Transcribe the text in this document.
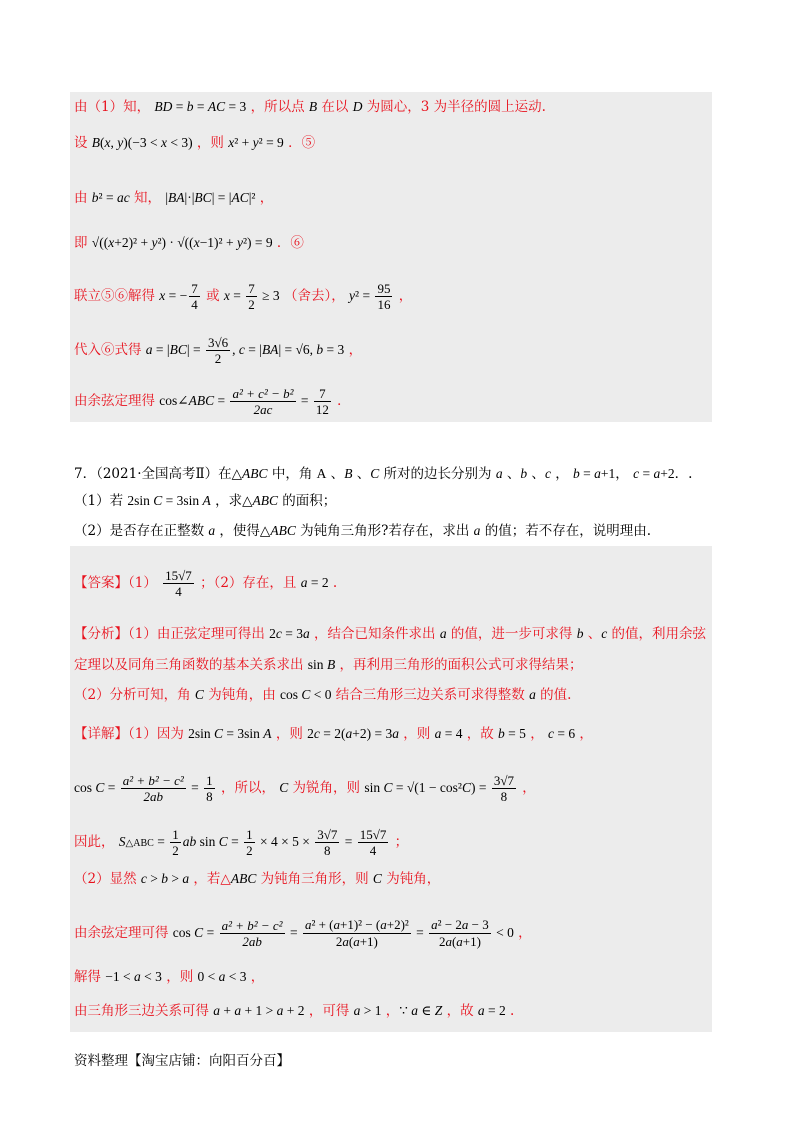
由（1）知， BD = b = AC = 3 ，所以点 B 在以 D 为圆心，3 为半径的圆上运动.
设 B(x, y)(−3 < x < 3) ，则 x² + y² = 9 ．⑤
由 b² = ac 知， |BA|·|BC| = |AC|² ，
即 √((x+2)² + y²) · √((x−1)² + y²) = 9 ．⑥
联立⑤⑥解得 x = − $\frac{7}{4}$ 或 $x = \frac{7}{2} \ge 3$ （舍去）， $y^2 = \frac{95}{16}$ ，
代入⑥式得 $a = |BC| = \frac{3√6}{2}$ , c = |BA| = √6, b = 3 ，
由余弦定理得 cos∠ABC = $\frac{\text{a² + c² − b²}}{2ac} = \frac{7}{12}$ ．
7．（2021·全国高考Ⅱ）在△ABC 中，角 A 、B 、C 所对的边长分别为 a 、b 、c ， b = a+1， c = a+2．.
（1）若 2sin C = 3sin A ，求△ABC 的面积；
（2）是否存在正整数 a ，使得△ABC 为钝角三角形?若存在，求出 a 的值；若不存在，说明理由.
【答案】$(1) \frac{15√7}{4}$ ；（2）存在，且 a = 2 .
【分析】（1）由正弦定理可得出 2c = 3a ，结合已知条件求出 a 的值，进一步可求得 b 、c 的值，利用余弦
定理以及同角三角函数的基本关系求出 sin B ，再利用三角形的面积公式可求得结果；
（2）分析可知，角 C 为钝角，由 cos C < 0 结合三角形三边关系可求得整数 a 的值.
【详解】（1）因为 2sin C = 3sin A ，则 2c = 2(a+2) = 3a ，则 a = 4 ，故 b = 5 ， c = 6 ，
$\cos C = \frac{\text{a² + b² − c²}}{2ab} = \frac{1}{8}$ ，所以， C 为锐角，则 $\sin C = √(1 - \cos^2C) = \frac{3√7}{8}$ ，
因此， S△ABC = $\frac{1}{2}$ ab $\sin C = \frac{1}{2} \times 4 \times 5 \times \frac{3√7}{8} = \frac{15√7}{4}$ ；
（2）显然 c > b > a ，若△ABC 为钝角三角形，则 C 为钝角，
由余弦定理可得 $\cos C = \frac{\text{a² + b² − c²}}{2ab} = \frac{\text{a² + (a+1)² − (a+2)²}}{2a(a+1)} = \frac{\text{a² − 2a − 3}}{2a(a+1)} < 0$ ，
解得 −1 < a < 3 ，则 0 < a < 3 ，
由三角形三边关系可得 a + a + 1 > a + 2 ，可得 a > 1 ，∵ a ∈ Z ，故 a = 2 .
资料整理【淘宝店铺：向阳百分百】
